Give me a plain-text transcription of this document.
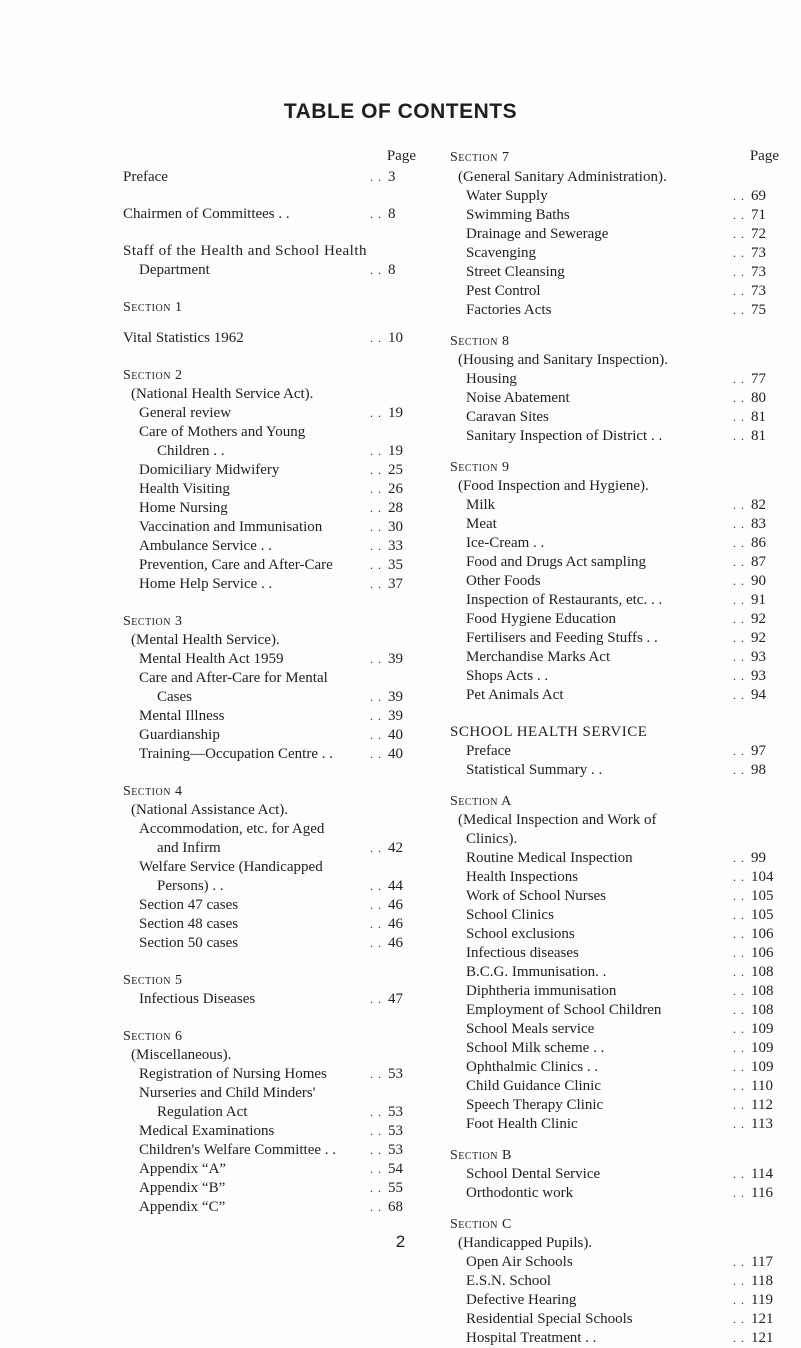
TABLE OF CONTENTS
Page
Preface	. . 3
Chairmen of Committees . .	. . 8
Staff of the Health and School Health
Department	. . 8
Section 1
Vital Statistics 1962	. . 10
Section 2
(National Health Service Act).
General review	. . 19
Care of Mothers and Young
Children . .	. . 19
Domiciliary Midwifery	. . 25
Health Visiting	. . 26
Home Nursing	. . 28
Vaccination and Immunisation	. . 30
Ambulance Service . .	. . 33
Prevention, Care and After-Care	. . 35
Home Help Service . .	. . 37
Section 3
(Mental Health Service).
Mental Health Act 1959	. . 39
Care and After-Care for Mental
Cases	. . 39
Mental Illness	. . 39
Guardianship	. . 40
Training—Occupation Centre . .	. . 40
Section 4
(National Assistance Act).
Accommodation, etc. for Aged
and Infirm	. . 42
Welfare Service (Handicapped
Persons) . .	. . 44
Section 47 cases	. . 46
Section 48 cases	. . 46
Section 50 cases	. . 46
Section 5
Infectious Diseases	. . 47
Section 6
(Miscellaneous).
Registration of Nursing Homes	. . 53
Nurseries and Child Minders'
Regulation Act	. . 53
Medical Examinations	. . 53
Children's Welfare Committee . .	. . 53
Appendix “A”	. . 54
Appendix “B”	. . 55
Appendix “C”	. . 68
Section 7	Page
(General Sanitary Administration).
Water Supply	. . 69
Swimming Baths	. . 71
Drainage and Sewerage	. . 72
Scavenging	. . 73
Street Cleansing	. . 73
Pest Control	. . 73
Factories Acts	. . 75
Section 8
(Housing and Sanitary Inspection).
Housing	. . 77
Noise Abatement	. . 80
Caravan Sites	. . 81
Sanitary Inspection of District . .	. . 81
Section 9
(Food Inspection and Hygiene).
Milk	. . 82
Meat	. . 83
Ice-Cream . .	. . 86
Food and Drugs Act sampling	. . 87
Other Foods	. . 90
Inspection of Restaurants, etc. . .	. . 91
Food Hygiene Education	. . 92
Fertilisers and Feeding Stuffs . .	. . 92
Merchandise Marks Act	. . 93
Shops Acts . .	. . 93
Pet Animals Act	. . 94
SCHOOL HEALTH SERVICE
Preface	. . 97
Statistical Summary . .	. . 98
Section A
(Medical Inspection and Work of
Clinics).
Routine Medical Inspection	. . 99
Health Inspections	. . 104
Work of School Nurses	. . 105
School Clinics	. . 105
School exclusions	. . 106
Infectious diseases	. . 106
B.C.G. Immunisation. .	. . 108
Diphtheria immunisation	. . 108
Employment of School Children	. . 108
School Meals service	. . 109
School Milk scheme . .	. . 109
Ophthalmic Clinics . .	. . 109
Child Guidance Clinic	. . 110
Speech Therapy Clinic	. . 112
Foot Health Clinic	. . 113
Section B
School Dental Service	. . 114
Orthodontic work	. . 116
Section C
(Handicapped Pupils).
Open Air Schools	. . 117
E.S.N. School	. . 118
Defective Hearing	. . 119
Residential Special Schools	. . 121
Hospital Treatment . .	. . 121
2
